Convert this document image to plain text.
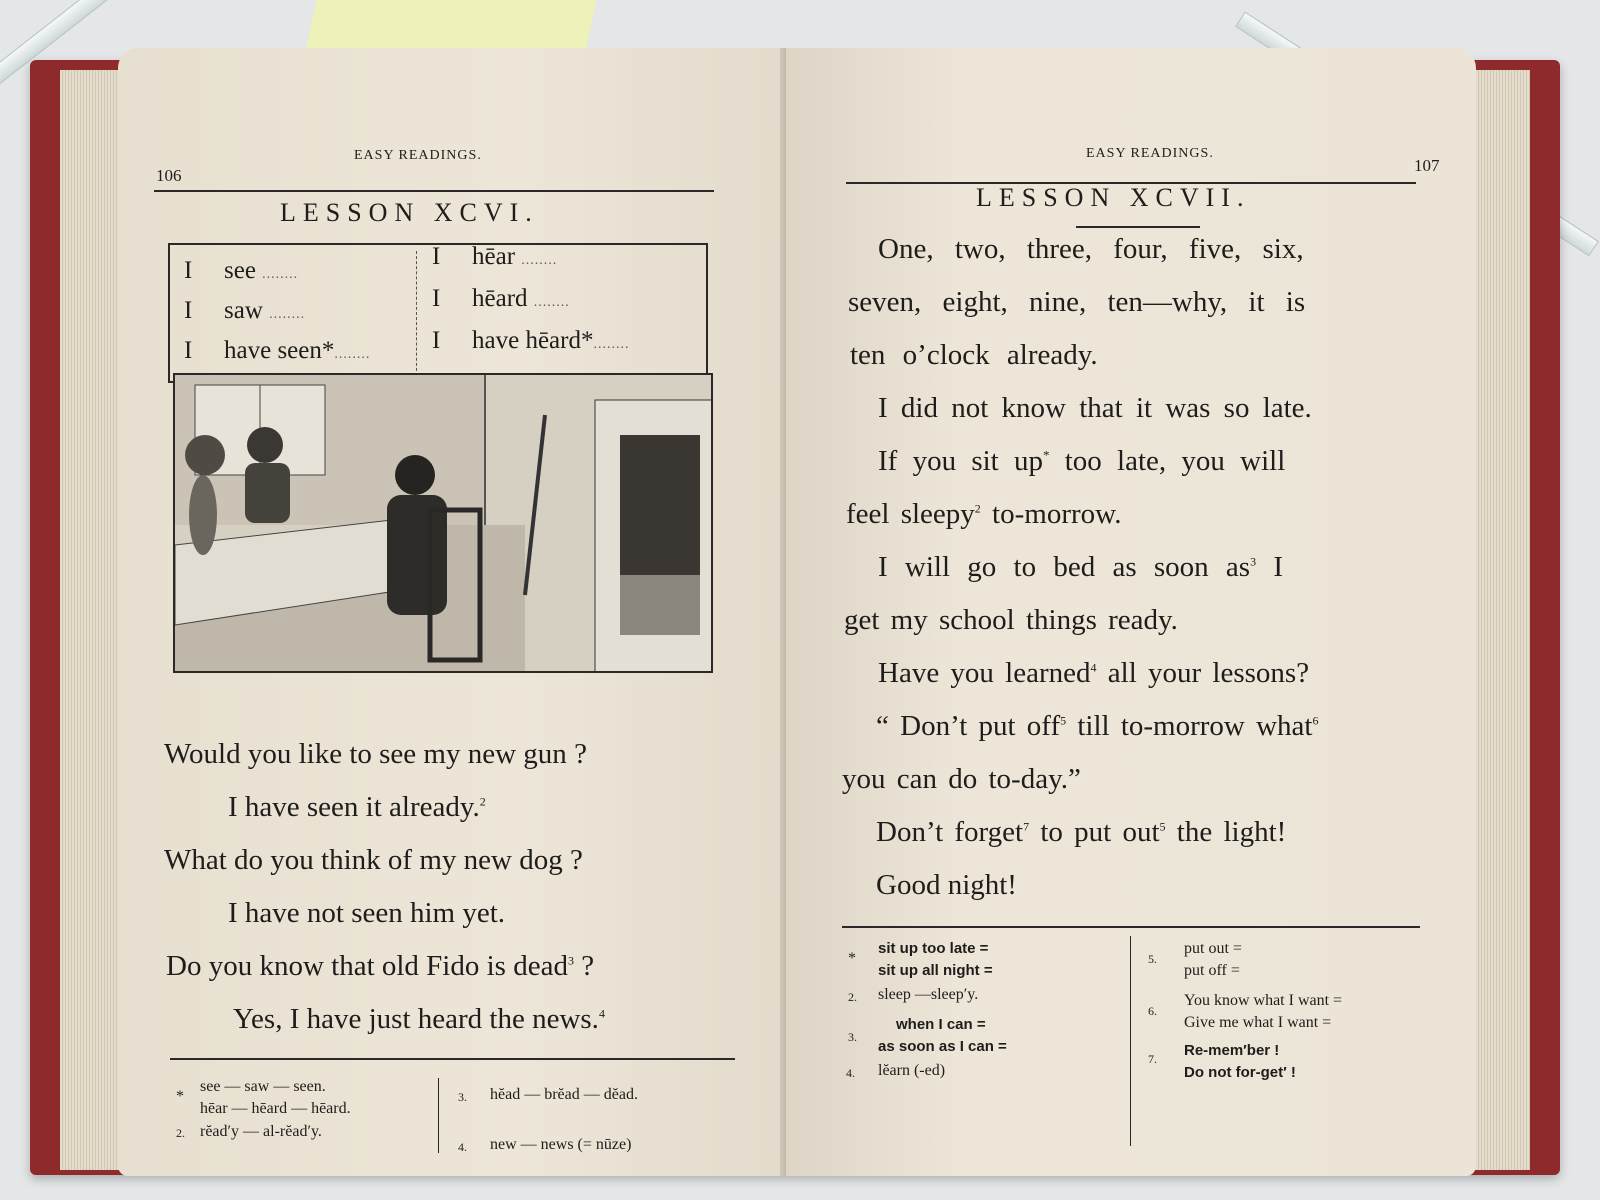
106
EASY READINGS.
LESSON XCVI.
I see ........
I saw ........
I have seen*........
I hēar ........
I hēard ........
I have hēard*........
Would you like to see my new gun ?
I have seen it already.$^2$
What do you think of my new dog ?
I have not seen him yet.
Do you know that old Fido is dead$^3$ ?
Yes, I have just heard the news.$^4$
*
see — saw — seen.
hēar — hēard — hēard.
2. rĕad′y — al-rĕad′y.
3. hĕad — brĕad — dĕad.
4. new — news (= nūze)
EASY READINGS.
107
LESSON XCVII.
One, two, three, four, five, six,
seven, eight, nine, ten—why, it is
ten o’clock already.
I did not know that it was so late.
If you sit up* too late, you will
feel sleepy$^2$ to-morrow.
I will go to bed as soon $as^3$ I
get my school things ready.
Have you learned$^4$ all your lessons?
“ Don’t put off$^5$ till to-morrow what$^6$
you can do to-day.”
Don’t forget$^7$ to put out$^5$ the light!
Good night!
*
sit up too late =
sit up all night =
2. sleep —sleep′y.
3.
when I can =
as soon as I can =
4. lĕarn (-ed)
5.
put out =
put off =
6.
You know what I want =
Give me what I want =
7. Re-mem′ber !
Do not for-get′ !
